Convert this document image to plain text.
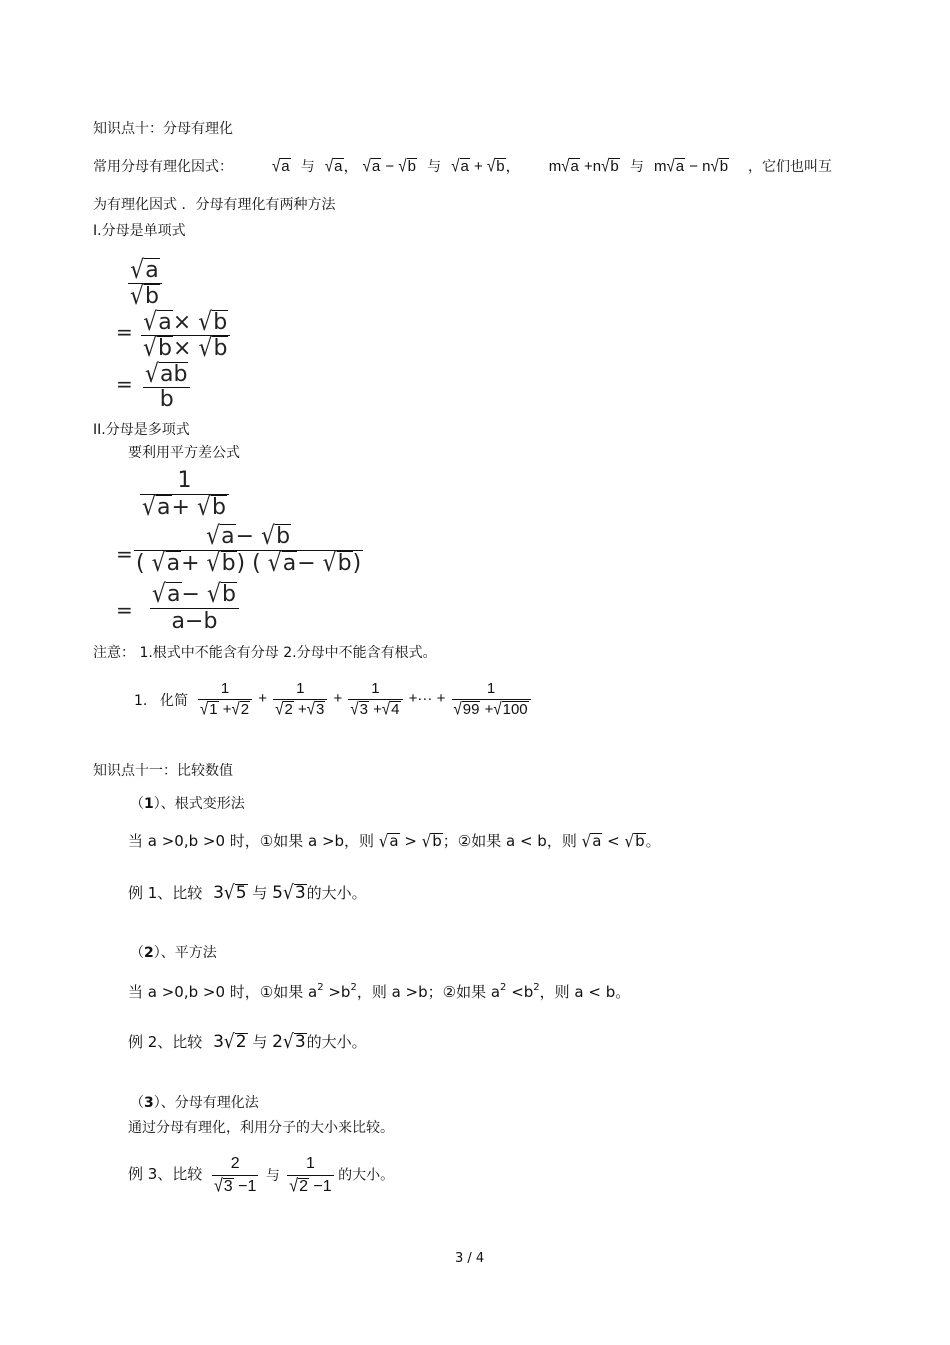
知识点十：分母有理化
常用分母有理化因式：	√a 与 √a， √a − √b 与 √a + √b， m√a +n√b 与 m√a − n√b ，它们也叫互
为有理化因式 ．分母有理化有两种方法
I.分母是单项式
$\frac{√a}{√b}$
= $\frac{√a\times √b}{√b\times √b}$
= $\frac{√ab}{b}$
II.分母是多项式
要利用平方差公式
$\frac{1}{√a+ √b}$
= $\frac{√a- √b}{( √a+ √b) ( √a- √b)}$
= $\frac{√a- √b}{a-b}$
注意： 1.根式中不能含有分母 2.分母中不能含有根式。
1. 化简 $\frac{1}{√1 +√2} + \frac{1}{√2 +√3} + \frac{1}{√3 +√4}$ +··· + $\frac{1}{√99 +√100}$
知识点十一：比较数值
（1）、根式变形法
当 a >0,b >0 时，①如果 a >b，则 √a > √b；②如果 a < b，则 √a < √b。
例 1、比较 3√5 与 5√3的大小。
（2）、平方法
当 a >0,b >0 时，①如果 $a^2 >b^2$，则 a >b；②如果 $a^2 <b^2$，则 a < b。
例 2、比较 3√2 与 2√3的大小。
（3）、分母有理化法
通过分母有理化，利用分子的大小来比较。
例 3、比较 $\frac{2}{√3 -1}$ 与 $\frac{1}{√2 -1}$ 的大小。
3 / 4
